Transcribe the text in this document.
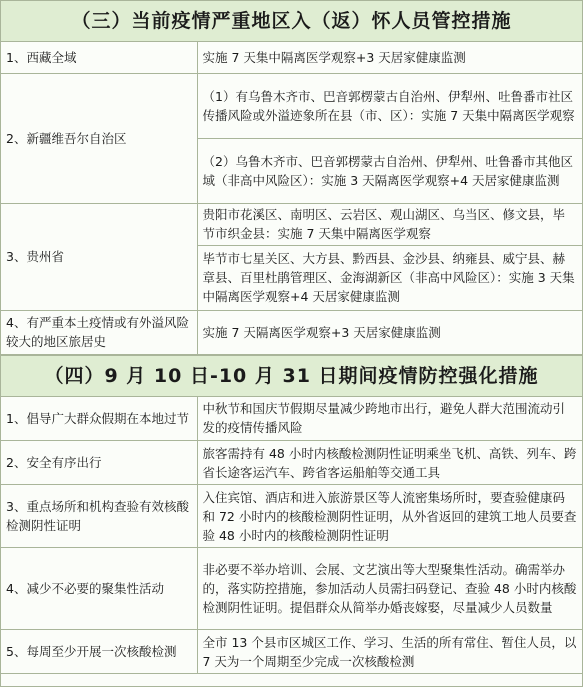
（三）当前疫情严重地区入（返）怀人员管控措施
1、西藏全域	实施 7 天集中隔离医学观察+3 天居家健康监测
2、新疆维吾尔自治区	（1）有乌鲁木齐市、巴音郭楞蒙古自治州、伊犁州、吐鲁番市社区传播风险或外溢迹象所在县（市、区）：实施 7 天集中隔离医学观察
	（2）乌鲁木齐市、巴音郭楞蒙古自治州、伊犁州、吐鲁番市其他区域（非高中风险区）：实施 3 天隔离医学观察+4 天居家健康监测
3、贵州省	贵阳市花溪区、南明区、云岩区、观山湖区、乌当区、修文县，毕节市织金县：实施 7 天集中隔离医学观察
	毕节市七星关区、大方县、黔西县、金沙县、纳雍县、威宁县、赫章县、百里杜鹃管理区、金海湖新区（非高中风险区）：实施 3 天集中隔离医学观察+4 天居家健康监测
4、有严重本土疫情或有外溢风险较大的地区旅居史	实施 7 天隔离医学观察+3 天居家健康监测
（四）9 月 10 日-10 月 31 日期间疫情防控强化措施
1、倡导广大群众假期在本地过节	中秋节和国庆节假期尽量减少跨地市出行，避免人群大范围流动引发的疫情传播风险
2、安全有序出行	旅客需持有 48 小时内核酸检测阴性证明乘坐飞机、高铁、列车、跨省长途客运汽车、跨省客运船舶等交通工具
3、重点场所和机构查验有效核酸检测阴性证明	入住宾馆、酒店和进入旅游景区等人流密集场所时，要查验健康码和 72 小时内的核酸检测阴性证明，从外省返回的建筑工地人员要查验 48 小时内的核酸检测阴性证明
4、减少不必要的聚集性活动	非必要不举办培训、会展、文艺演出等大型聚集性活动。确需举办的，落实防控措施，参加活动人员需扫码登记、查验 48 小时内核酸检测阴性证明。提倡群众从简举办婚丧嫁娶，尽量减少人员数量
5、每周至少开展一次核酸检测	全市 13 个县市区城区工作、学习、生活的所有常住、暂住人员，以 7 天为一个周期至少完成一次核酸检测
